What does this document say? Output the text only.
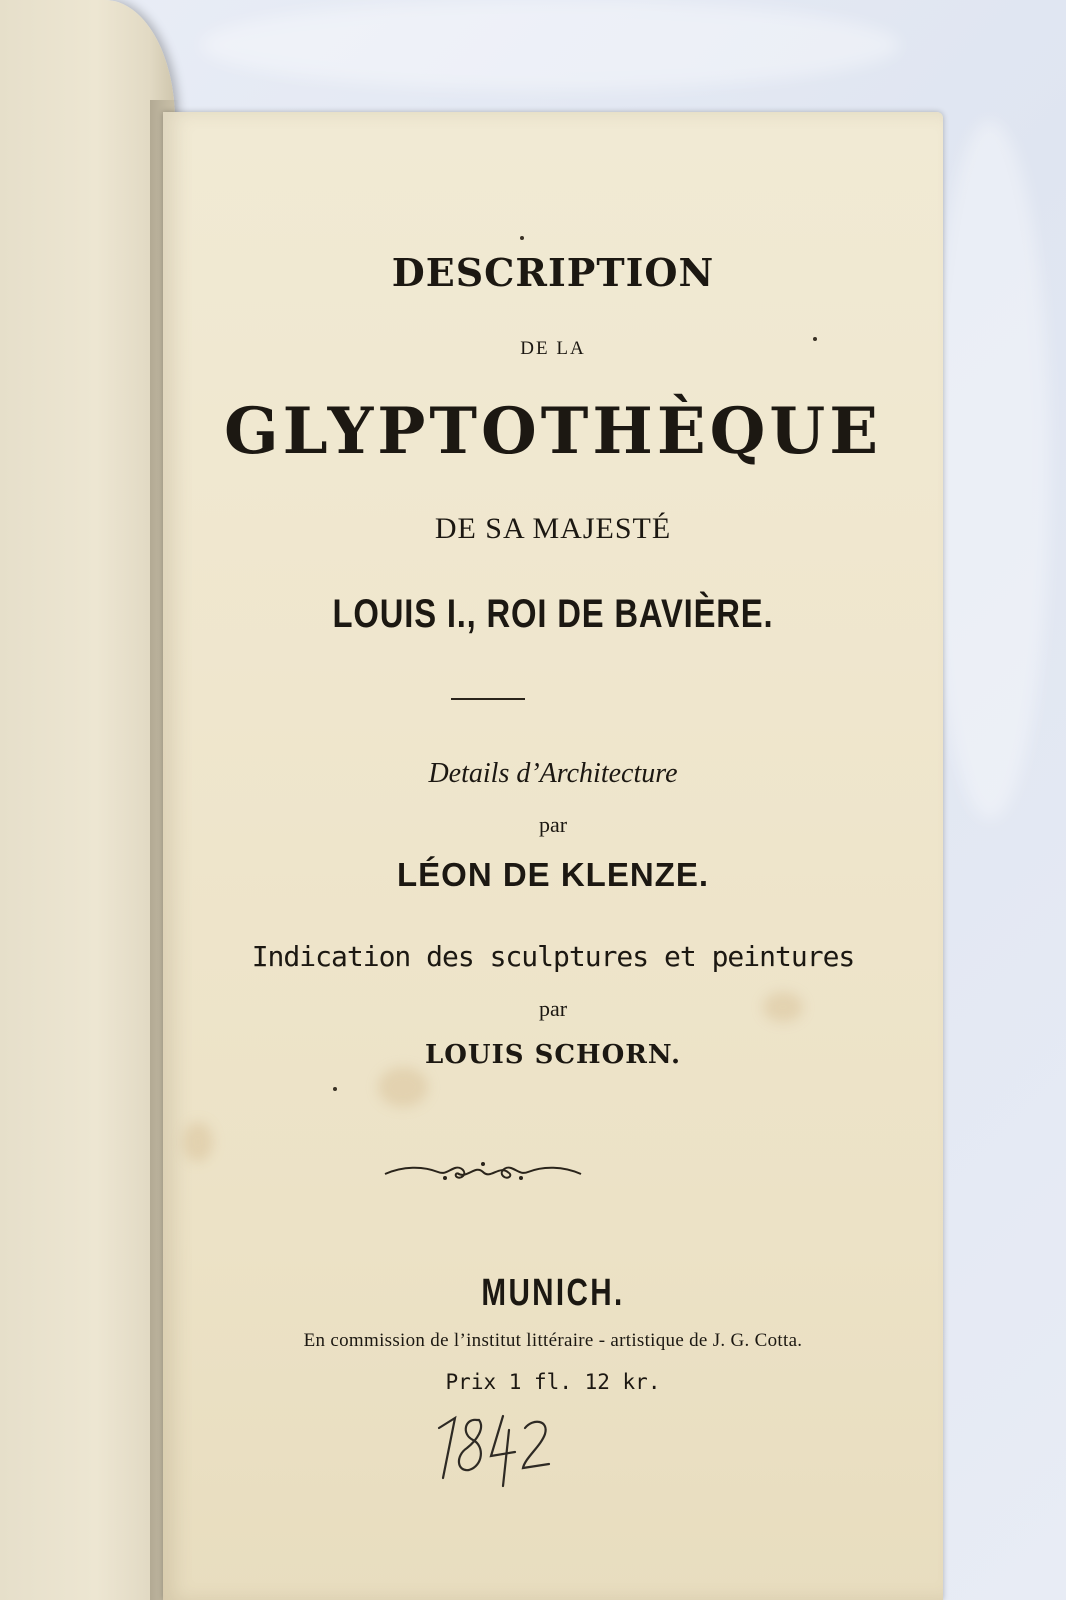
DESCRIPTION
DE LA
GLYPTOTHÈQUE
DE SA MAJESTÉ
LOUIS I., ROI DE BAVIÈRE.
Details d’Architecture
par
LÉON DE KLENZE.
Indication des sculptures et peintures
par
LOUIS SCHORN.
MUNICH.
En commission de l’institut littéraire - artistique de J. G. Cotta.
Prix 1 fl. 12 kr.
